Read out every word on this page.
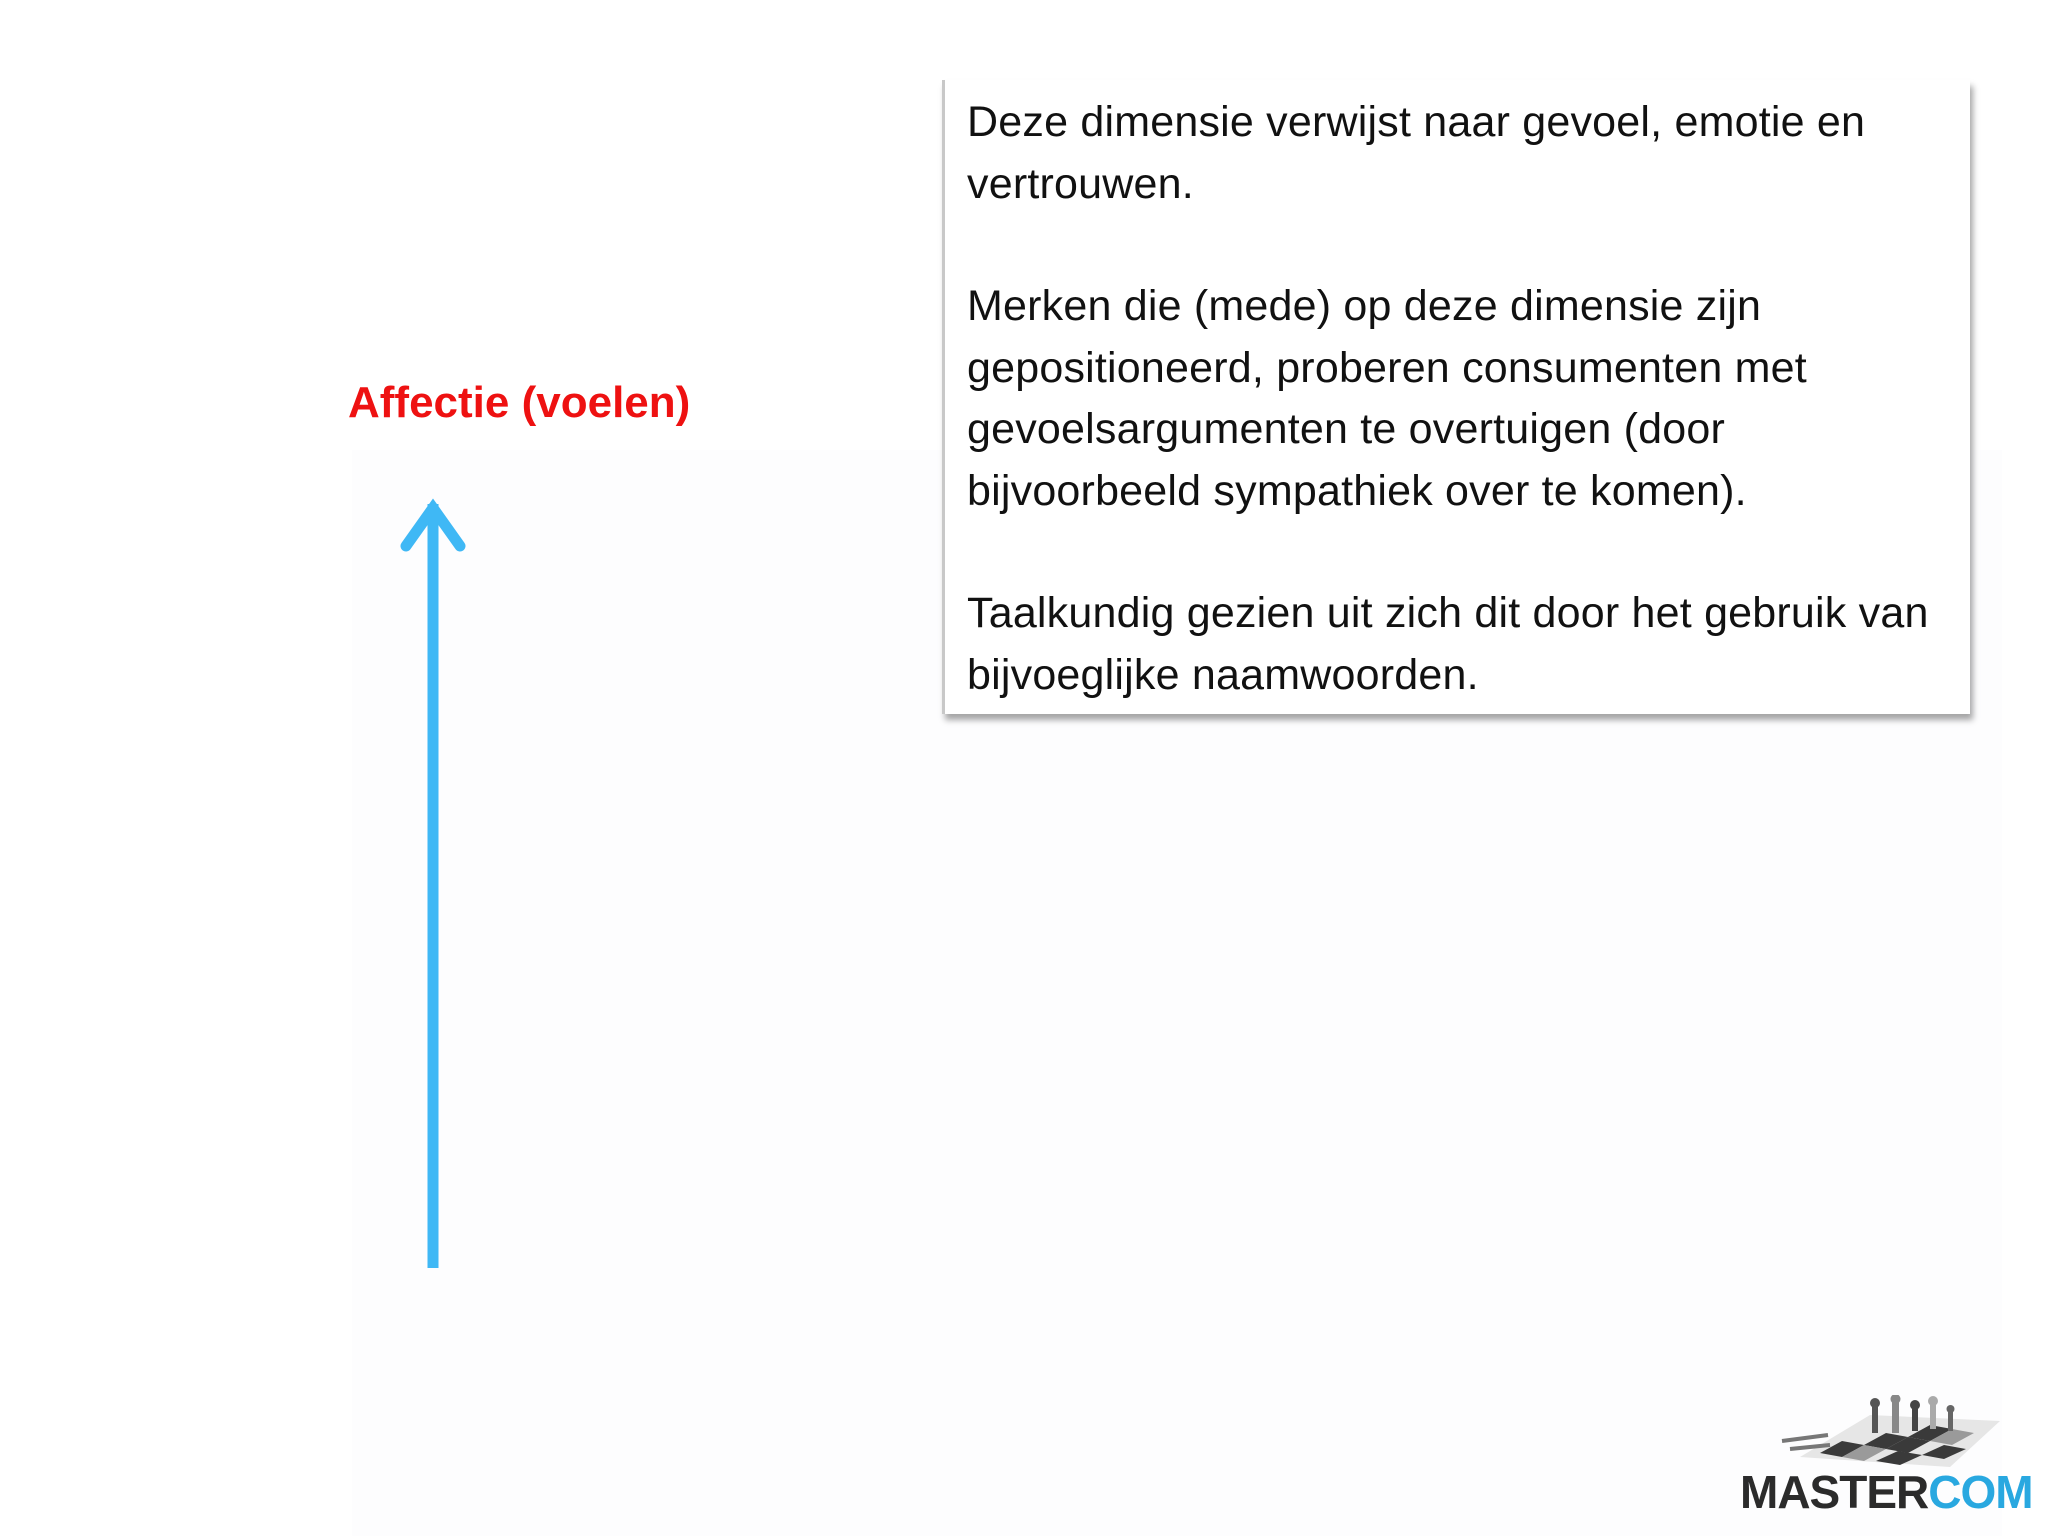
Affectie (voelen)

Deze dimensie verwijst naar gevoel, emotie en vertrouwen.

Merken die (mede) op deze dimensie zijn gepositioneerd, proberen consumenten met gevoelsargumenten te overtuigen (door bijvoorbeeld sympathiek over te komen).

Taalkundig gezien uit zich dit door het gebruik van bijvoeglijke naamwoorden.

MASTERCOM
